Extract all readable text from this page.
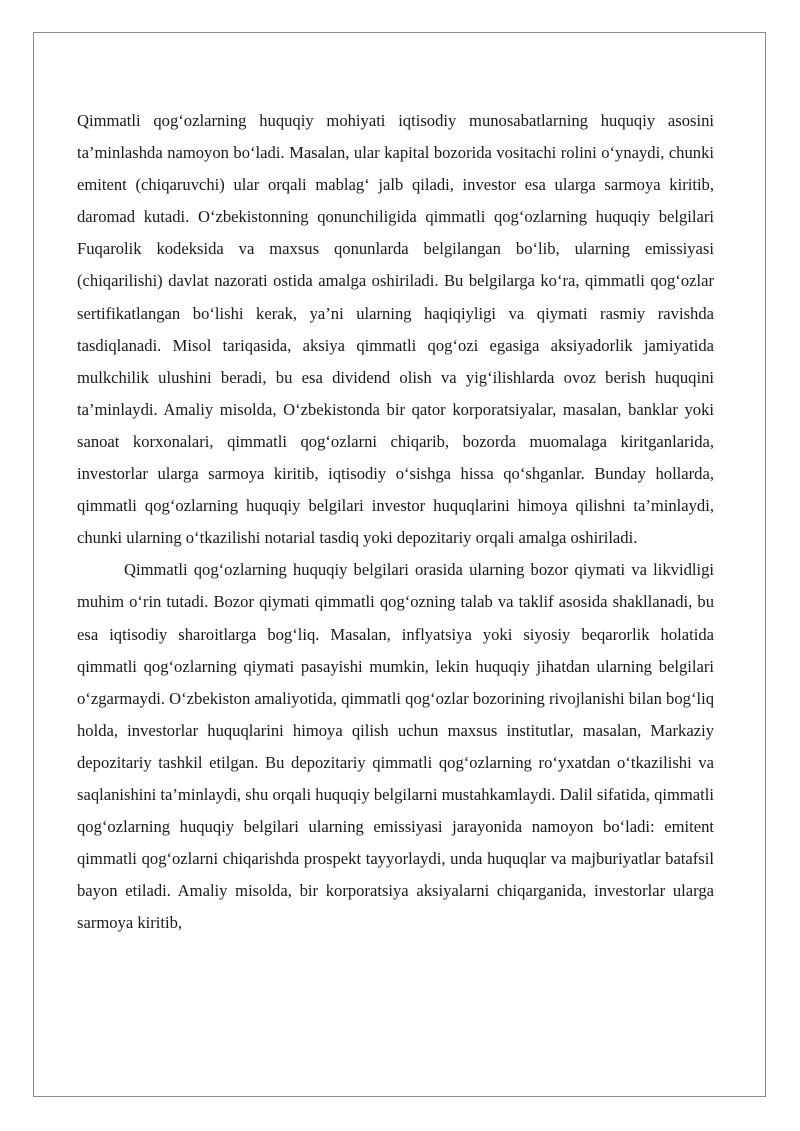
Qimmatli qog‘ozlarning huquqiy mohiyati iqtisodiy munosabatlarning huquqiy asosini ta’minlashda namoyon bo‘ladi. Masalan, ular kapital bozorida vositachi rolini o‘ynaydi, chunki emitent (chiqaruvchi) ular orqali mablag‘ jalb qiladi, investor esa ularga sarmoya kiritib, daromad kutadi. O‘zbekistonning qonunchiligida qimmatli qog‘ozlarning huquqiy belgilari Fuqarolik kodeksida va maxsus qonunlarda belgilangan bo‘lib, ularning emissiyasi (chiqarilishi) davlat nazorati ostida amalga oshiriladi. Bu belgilarga ko‘ra, qimmatli qog‘ozlar sertifikatlangan bo‘lishi kerak, ya’ni ularning haqiqiyligi va qiymati rasmiy ravishda tasdiqlanadi. Misol tariqasida, aksiya qimmatli qog‘ozi egasiga aksiyadorlik jamiyatida mulkchilik ulushini beradi, bu esa dividend olish va yig‘ilishlarda ovoz berish huquqini ta’minlaydi. Amaliy misolda, O‘zbekistonda bir qator korporatsiyalar, masalan, banklar yoki sanoat korxonalari, qimmatli qog‘ozlarni chiqarib, bozorda muomalaga kiritganlarida, investorlar ularga sarmoya kiritib, iqtisodiy o‘sishga hissa qo‘shganlar. Bunday hollarda, qimmatli qog‘ozlarning huquqiy belgilari investor huquqlarini himoya qilishni ta’minlaydi, chunki ularning o‘tkazilishi notarial tasdiq yoki depozitariy orqali amalga oshiriladi.

Qimmatli qog‘ozlarning huquqiy belgilari orasida ularning bozor qiymati va likvidligi muhim o‘rin tutadi. Bozor qiymati qimmatli qog‘ozning talab va taklif asosida shakllanadi, bu esa iqtisodiy sharoitlarga bog‘liq. Masalan, inflyatsiya yoki siyosiy beqarorlik holatida qimmatli qog‘ozlarning qiymati pasayishi mumkin, lekin huquqiy jihatdan ularning belgilari o‘zgarmaydi. O‘zbekiston amaliyotida, qimmatli qog‘ozlar bozorining rivojlanishi bilan bog‘liq holda, investorlar huquqlarini himoya qilish uchun maxsus institutlar, masalan, Markaziy depozitariy tashkil etilgan. Bu depozitariy qimmatli qog‘ozlarning ro‘yxatdan o‘tkazilishi va saqlanishini ta’minlaydi, shu orqali huquqiy belgilarni mustahkamlaydi. Dalil sifatida, qimmatli qog‘ozlarning huquqiy belgilari ularning emissiyasi jarayonida namoyon bo‘ladi: emitent qimmatli qog‘ozlarni chiqarishda prospekt tayyorlaydi, unda huquqlar va majburiyatlar batafsil bayon etiladi. Amaliy misolda, bir korporatsiya aksiyalarni chiqarganida, investorlar ularga sarmoya kiritib,
